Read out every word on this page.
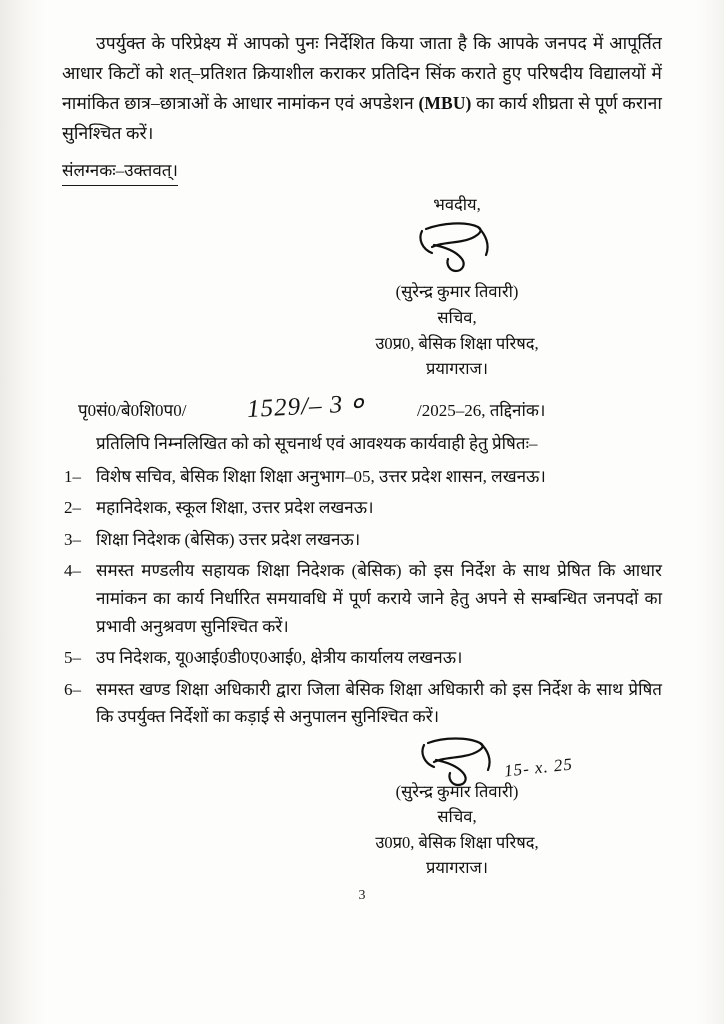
उपर्युक्त के परिप्रेक्ष्य में आपको पुनः निर्देशित किया जाता है कि आपके जनपद में आपूर्तित आधार किटों को शत्–प्रतिशत क्रियाशील कराकर प्रतिदिन सिंक कराते हुए परिषदीय विद्यालयों में नामांकित छात्र–छात्राओं के आधार नामांकन एवं अपडेशन (MBU) का कार्य शीघ्रता से पूर्ण कराना सुनिश्चित करें।

संलग्नकः–उक्तवत्।
भवदीय,
(सुरेन्द्र कुमार तिवारी)
सचिव,
उ0प्र0, बेसिक शिक्षा परिषद,
प्रयागराज।
पृ0सं0/बे0शि0प0/ 1529/– 3 ०	/2025–26, तद्दिनांक।
प्रतिलिपि निम्नलिखित को को सूचनार्थ एवं आवश्यक कार्यवाही हेतु प्रेषितः–
1– विशेष सचिव, बेसिक शिक्षा शिक्षा अनुभाग–05, उत्तर प्रदेश शासन, लखनऊ।
2– महानिदेशक, स्कूल शिक्षा, उत्तर प्रदेश लखनऊ।
3– शिक्षा निदेशक (बेसिक) उत्तर प्रदेश लखनऊ।
4– समस्त मण्डलीय सहायक शिक्षा निदेशक (बेसिक) को इस निर्देश के साथ प्रेषित कि आधार नामांकन का कार्य निर्धारित समयावधि में पूर्ण कराये जाने हेतु अपने से सम्बन्धित जनपदों का प्रभावी अनुश्रवण सुनिश्चित करें।
5– उप निदेशक, यू0आई0डी0ए0आई0, क्षेत्रीय कार्यालय लखनऊ।
6– समस्त खण्ड शिक्षा अधिकारी द्वारा जिला बेसिक शिक्षा अधिकारी को इस निर्देश के साथ प्रेषित कि उपर्युक्त निर्देशों का कड़ाई से अनुपालन सुनिश्चित करें।
15- x. 25
(सुरेन्द्र कुमार तिवारी)
सचिव,
उ0प्र0, बेसिक शिक्षा परिषद,
प्रयागराज।
3
